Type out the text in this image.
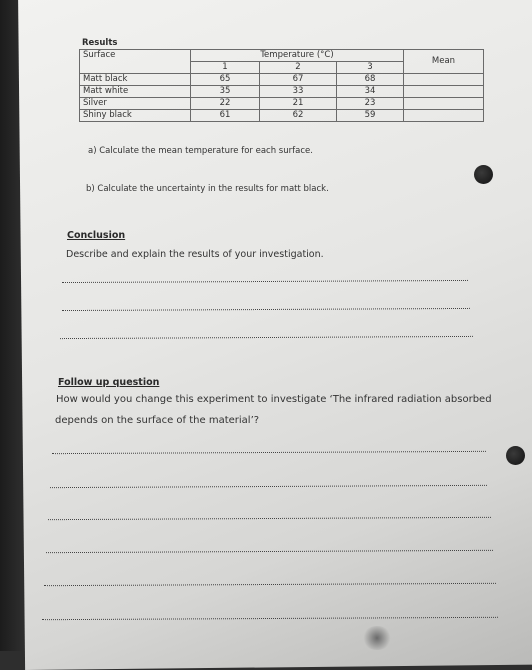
Results
Surface	Temperature (°C)			Mean
	1	2	3	
Matt black	65	67	68	
Matt white	35	33	34	
Silver	22	21	23	
Shiny black	61	62	59	
a) Calculate the mean temperature for each surface.
b) Calculate the uncertainty in the results for matt black.
Conclusion
Describe and explain the results of your investigation.
Follow up question
How would you change this experiment to investigate ‘The infrared radiation absorbed
depends on the surface of the material’?
